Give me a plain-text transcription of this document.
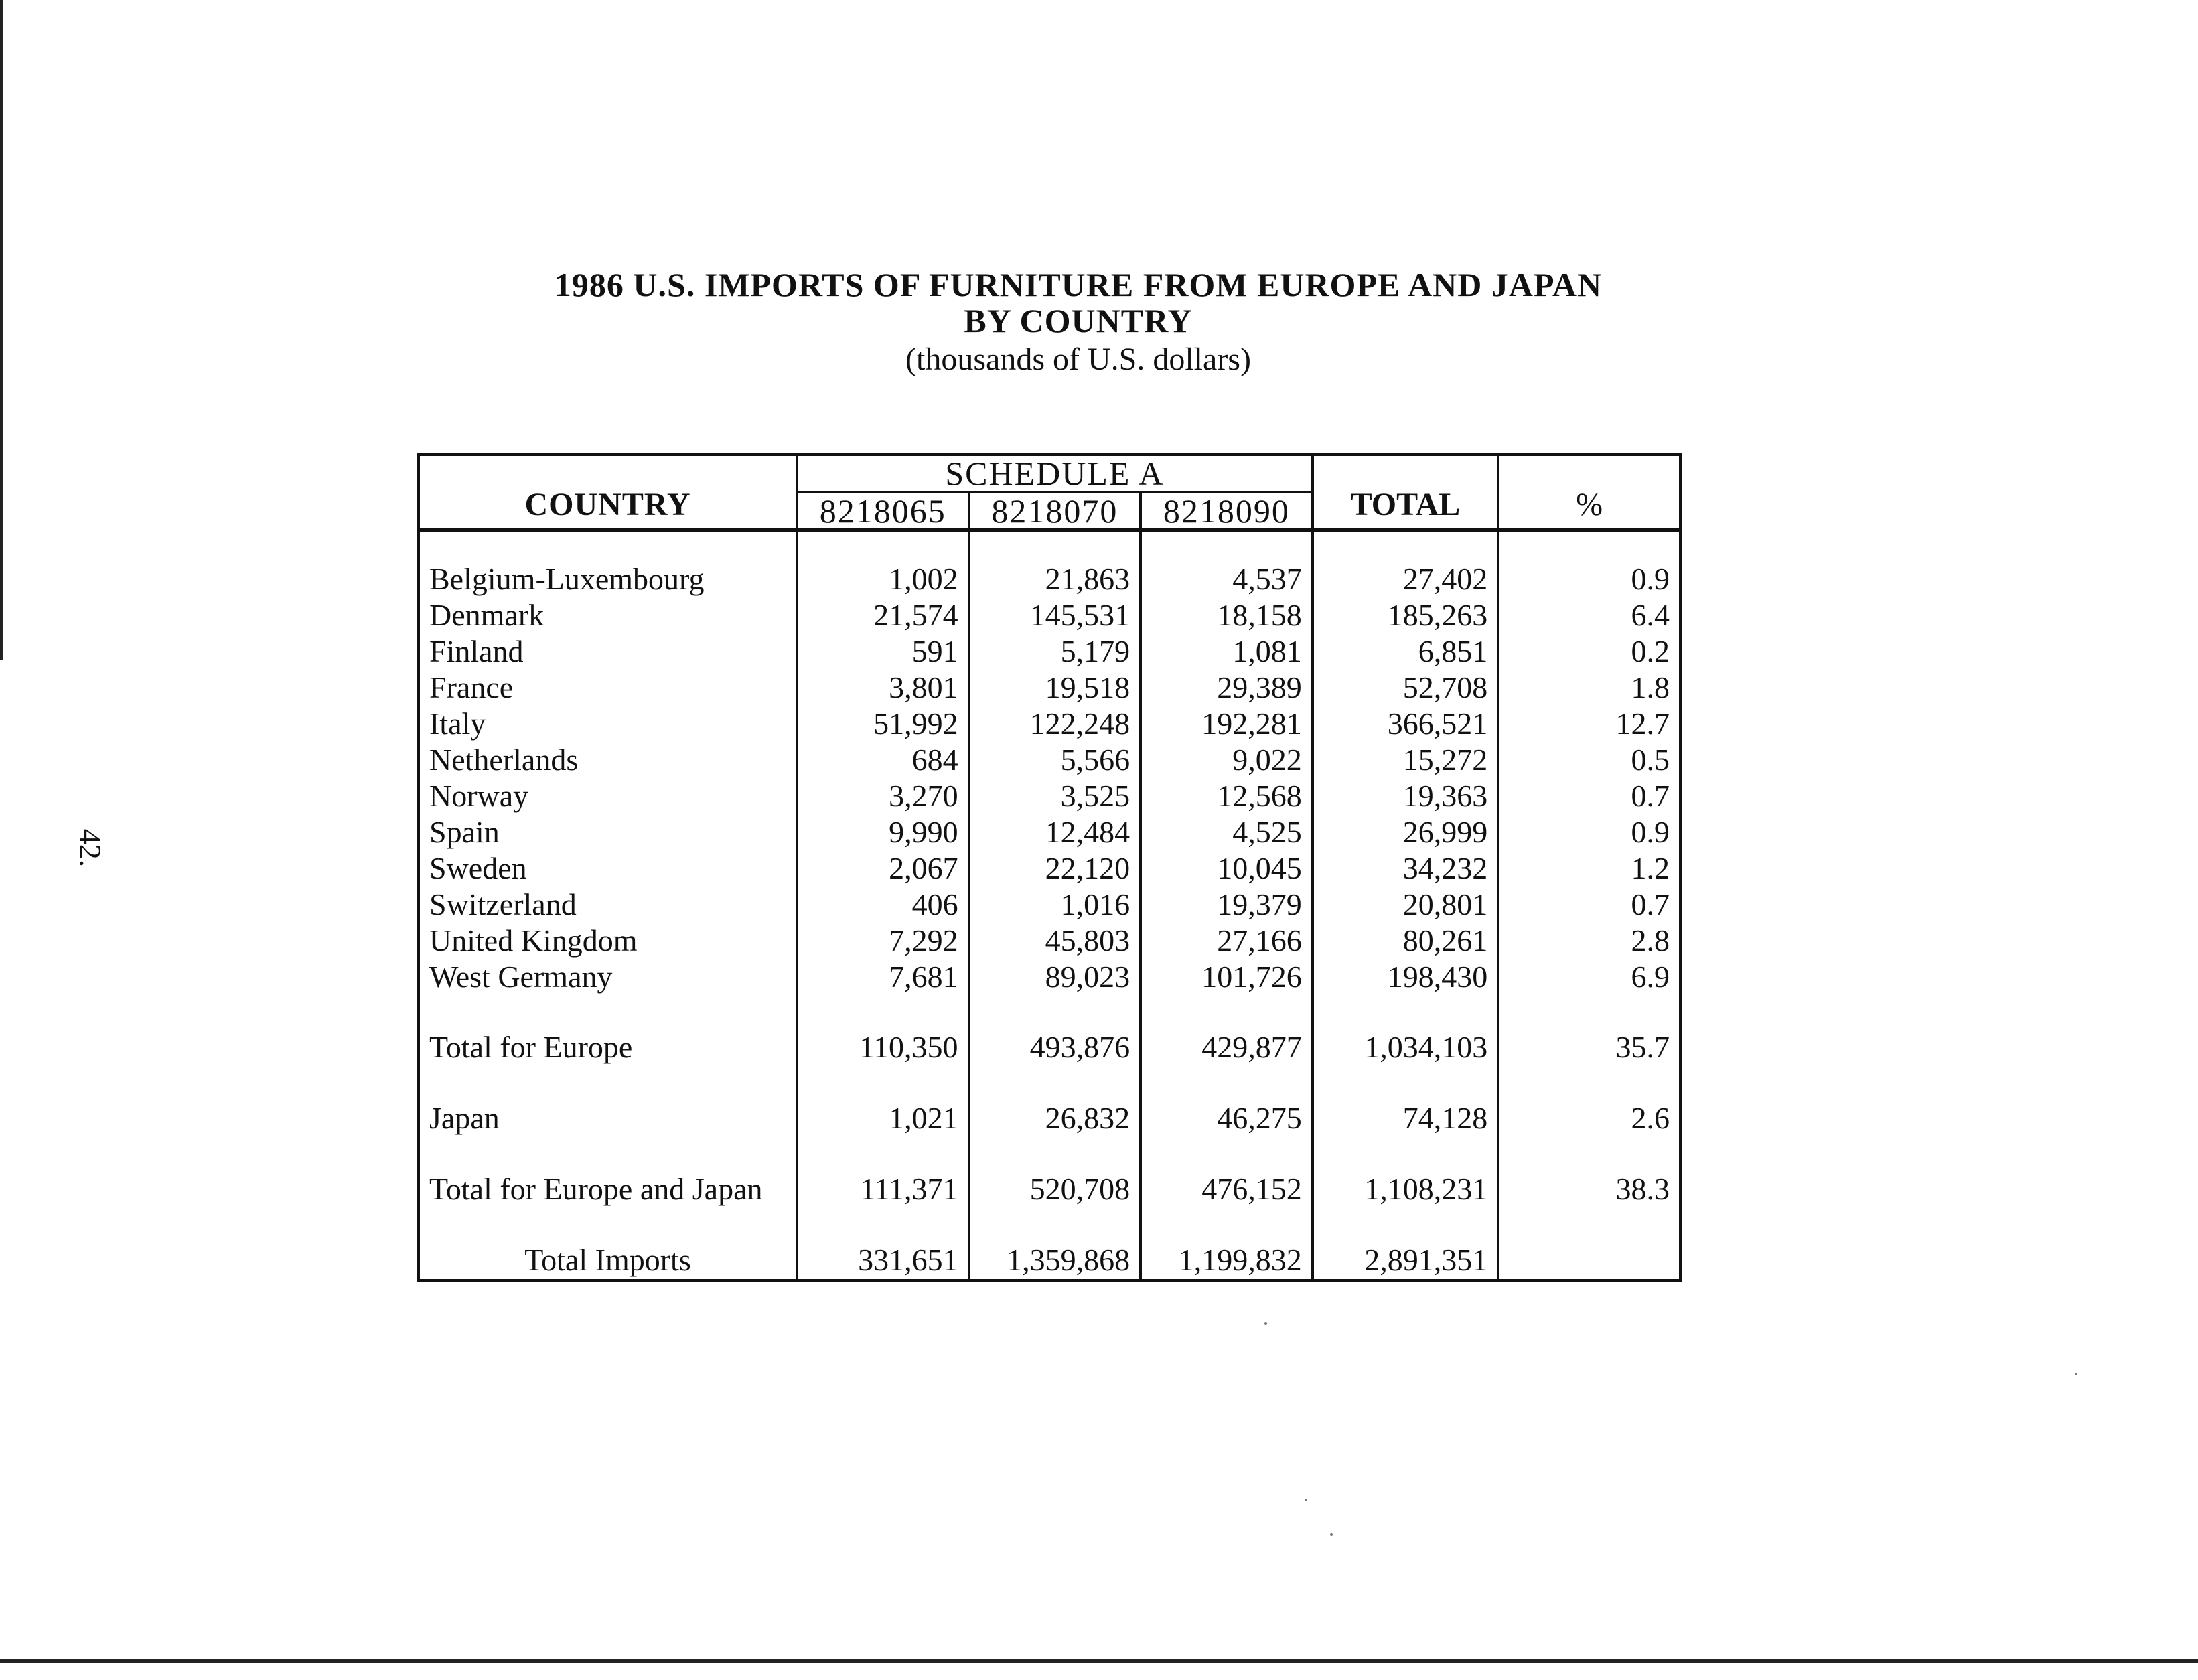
42.
1986 U.S. IMPORTS OF FURNITURE FROM EUROPE AND JAPAN
BY COUNTRY
(thousands of U.S. dollars)
COUNTRY	SCHEDULE A			TOTAL	%
	8218065	8218070	8218090		
Belgium-Luxembourg	1,002	21,863	4,537	27,402	0.9
Denmark	21,574	145,531	18,158	185,263	6.4
Finland	591	5,179	1,081	6,851	0.2
France	3,801	19,518	29,389	52,708	1.8
Italy	51,992	122,248	192,281	366,521	12.7
Netherlands	684	5,566	9,022	15,272	0.5
Norway	3,270	3,525	12,568	19,363	0.7
Spain	9,990	12,484	4,525	26,999	0.9
Sweden	2,067	22,120	10,045	34,232	1.2
Switzerland	406	1,016	19,379	20,801	0.7
United Kingdom	7,292	45,803	27,166	80,261	2.8
West Germany	7,681	89,023	101,726	198,430	6.9
Total for Europe	110,350	493,876	429,877	1,034,103	35.7
Japan	1,021	26,832	46,275	74,128	2.6
Total for Europe and Japan	111,371	520,708	476,152	1,108,231	38.3
Total Imports	331,651	1,359,868	1,199,832	2,891,351	
